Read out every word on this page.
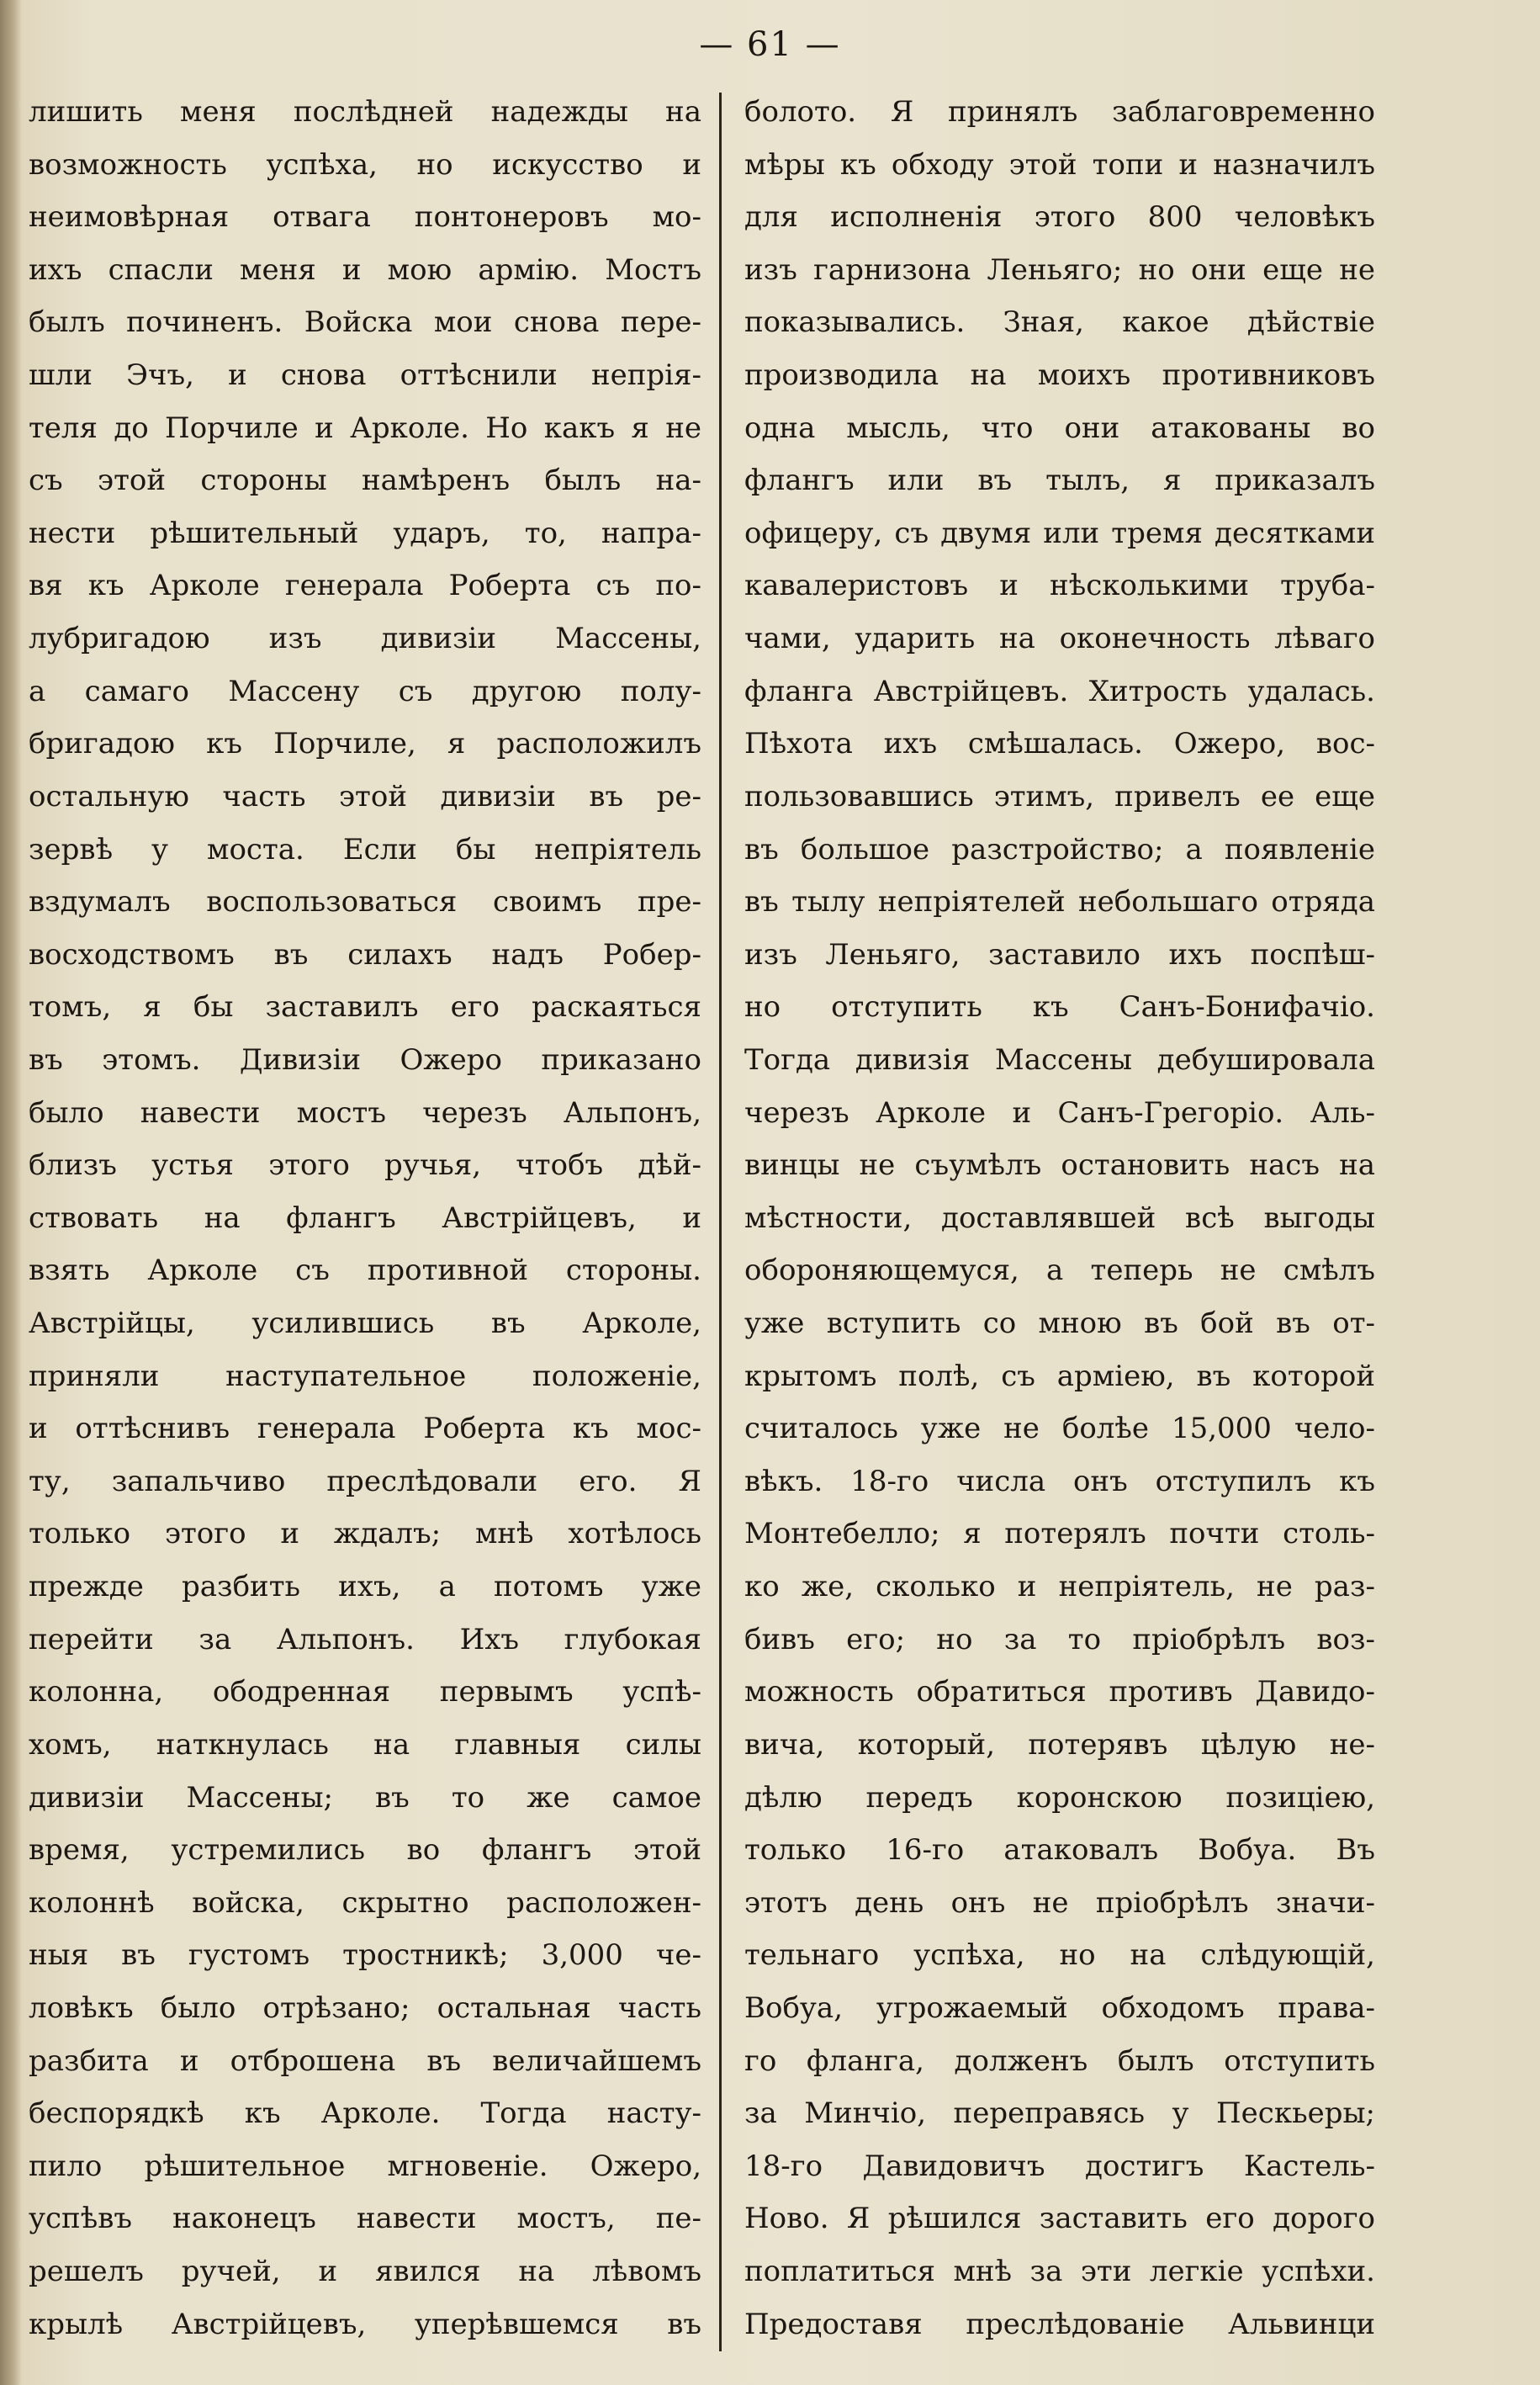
— 61 —
лишить меня послѣдней надежды на
возможность успѣха, но искусство и
неимовѣрная отвага понтонеровъ мо-
ихъ спасли меня и мою армію. Мостъ
былъ починенъ. Войска мои снова пере-
шли Эчъ, и снова оттѣснили непрія-
теля до Порчиле и Арколе. Но какъ я не
съ этой стороны намѣренъ былъ на-
нести рѣшительный ударъ, то, напра-
вя къ Арколе генерала Роберта съ по-
лубригадою изъ дивизіи Массены,
а самаго Массену съ другою полу-
бригадою къ Порчиле, я расположилъ
остальную часть этой дивизіи въ ре-
зервѣ у моста. Если бы непріятель
вздумалъ воспользоваться своимъ пре-
восходствомъ въ силахъ надъ Робер-
томъ, я бы заставилъ его раскаяться
въ этомъ. Дивизіи Ожеро приказано
было навести мостъ черезъ Альпонъ,
близъ устья этого ручья, чтобъ дѣй-
ствовать на флангъ Австрійцевъ, и
взять Арколе съ противной стороны.
Австрійцы, усилившись въ Арколе,
приняли наступательное положеніе,
и оттѣснивъ генерала Роберта къ мос-
ту, запальчиво преслѣдовали его. Я
только этого и ждалъ; мнѣ хотѣлось
прежде разбить ихъ, а потомъ уже
перейти за Альпонъ. Ихъ глубокая
колонна, ободренная первымъ успѣ-
хомъ, наткнулась на главныя силы
дивизіи Массены; въ то же самое
время, устремились во флангъ этой
колоннѣ войска, скрытно расположен-
ныя въ густомъ тростникѣ; 3,000 че-
ловѣкъ было отрѣзано; остальная часть
разбита и отброшена въ величайшемъ
беспорядкѣ къ Арколе. Тогда насту-
пило рѣшительное мгновеніе. Ожеро,
успѣвъ наконецъ навести мостъ, пе-
решелъ ручей, и явился на лѣвомъ
крылѣ Австрійцевъ, уперѣвшемся въ
болото. Я принялъ заблаговременно
мѣры къ обходу этой топи и назначилъ
для исполненія этого 800 человѣкъ
изъ гарнизона Леньяго; но они еще не
показывались. Зная, какое дѣйствіе
производила на моихъ противниковъ
одна мысль, что они атакованы во
флангъ или въ тылъ, я приказалъ
офицеру, съ двумя или тремя десятками
кавалеристовъ и нѣсколькими труба-
чами, ударить на оконечность лѣваго
фланга Австрійцевъ. Хитрость удалась.
Пѣхота ихъ смѣшалась. Ожеро, вос-
пользовавшись этимъ, привелъ ее еще
въ большое разстройство; а появленіе
въ тылу непріятелей небольшаго отряда
изъ Леньяго, заставило ихъ поспѣш-
но отступить къ Санъ-Бонифачіо.
Тогда дивизія Массены дебушировала
черезъ Арколе и Санъ-Грегоріо. Аль-
винцы не съумѣлъ остановить насъ на
мѣстности, доставлявшей всѣ выгоды
обороняющемуся, а теперь не смѣлъ
уже вступить со мною въ бой въ от-
крытомъ полѣ, съ арміею, въ которой
считалось уже не болѣе 15,000 чело-
вѣкъ. 18-го числа онъ отступилъ къ
Монтебелло; я потерялъ почти столь-
ко же, сколько и непріятель, не раз-
бивъ его; но за то пріобрѣлъ воз-
можность обратиться противъ Давидо-
вича, который, потерявъ цѣлую не-
дѣлю передъ коронскою позиціею,
только 16-го атаковалъ Вобуа. Въ
этотъ день онъ не пріобрѣлъ значи-
тельнаго успѣха, но на слѣдующій,
Вобуа, угрожаемый обходомъ права-
го фланга, долженъ былъ отступить
за Минчіо, переправясь у Пескьеры;
18-го Давидовичъ достигъ Кастель-
Ново. Я рѣшился заставить его дорого
поплатиться мнѣ за эти легкіе успѣхи.
Предоставя преслѣдованіе Альвинци
